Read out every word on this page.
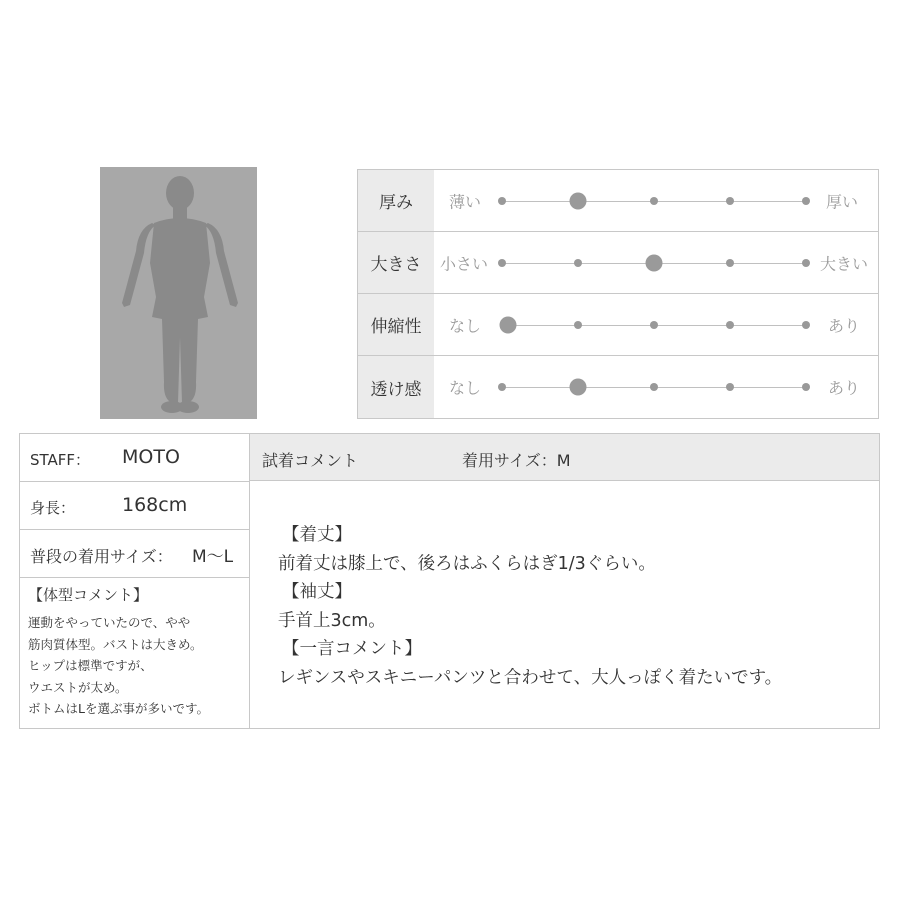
厚み	薄い	厚い
大きさ	小さい	大きい
伸縮性	なし	あり
透け感	なし	あり
STAFF： MOTO
身長： 168cm
普段の着用サイズ： M〜L
【体型コメント】
運動をやっていたので、やや
筋肉質体型。バストは大きめ。
ヒップは標準ですが、
ウエストが太め。
ボトムはLを選ぶ事が多いです。
試着コメント	着用サイズ：M
【着丈】
前着丈は膝上で、後ろはふくらはぎ1/3ぐらい。
【袖丈】
手首上3cm。
【一言コメント】
レギンスやスキニーパンツと合わせて、大人っぽく着たいです。
